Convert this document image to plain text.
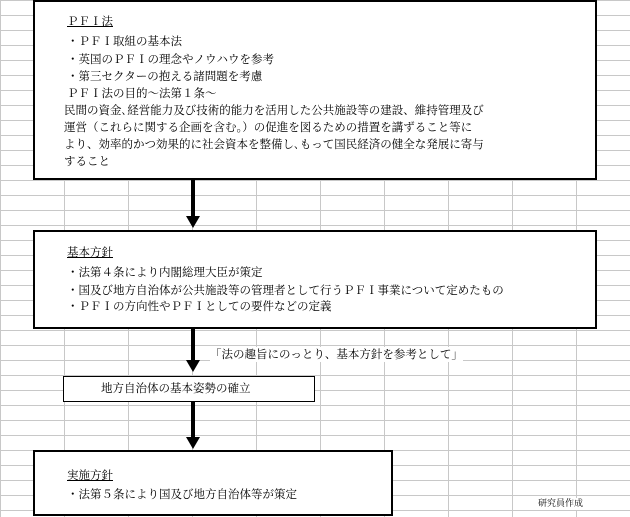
ＰＦＩ法
・ＰＦＩ取組の基本法
・英国のＰＦＩの理念やノウハウを参考
・第三セクターの抱える諸問題を考慮
ＰＦＩ法の目的～法第１条～
民間の資金､経営能力及び技術的能力を活用した公共施設等の建設、維持管理及び
運営（これらに関する企画を含む。）の促進を図るための措置を講ずること等に
より、効率的かつ効果的に社会資本を整備し､もって国民経済の健全な発展に寄与
すること
基本方針
・法第４条により内閣総理大臣が策定
・国及び地方自治体が公共施設等の管理者として行うＰＦＩ事業について定めたもの
・ＰＦＩの方向性やＰＦＩとしての要件などの定義
「法の趣旨にのっとり、基本方針を参考として」
地方自治体の基本姿勢の確立
実施方針
・法第５条により国及び地方自治体等が策定
研究員作成
